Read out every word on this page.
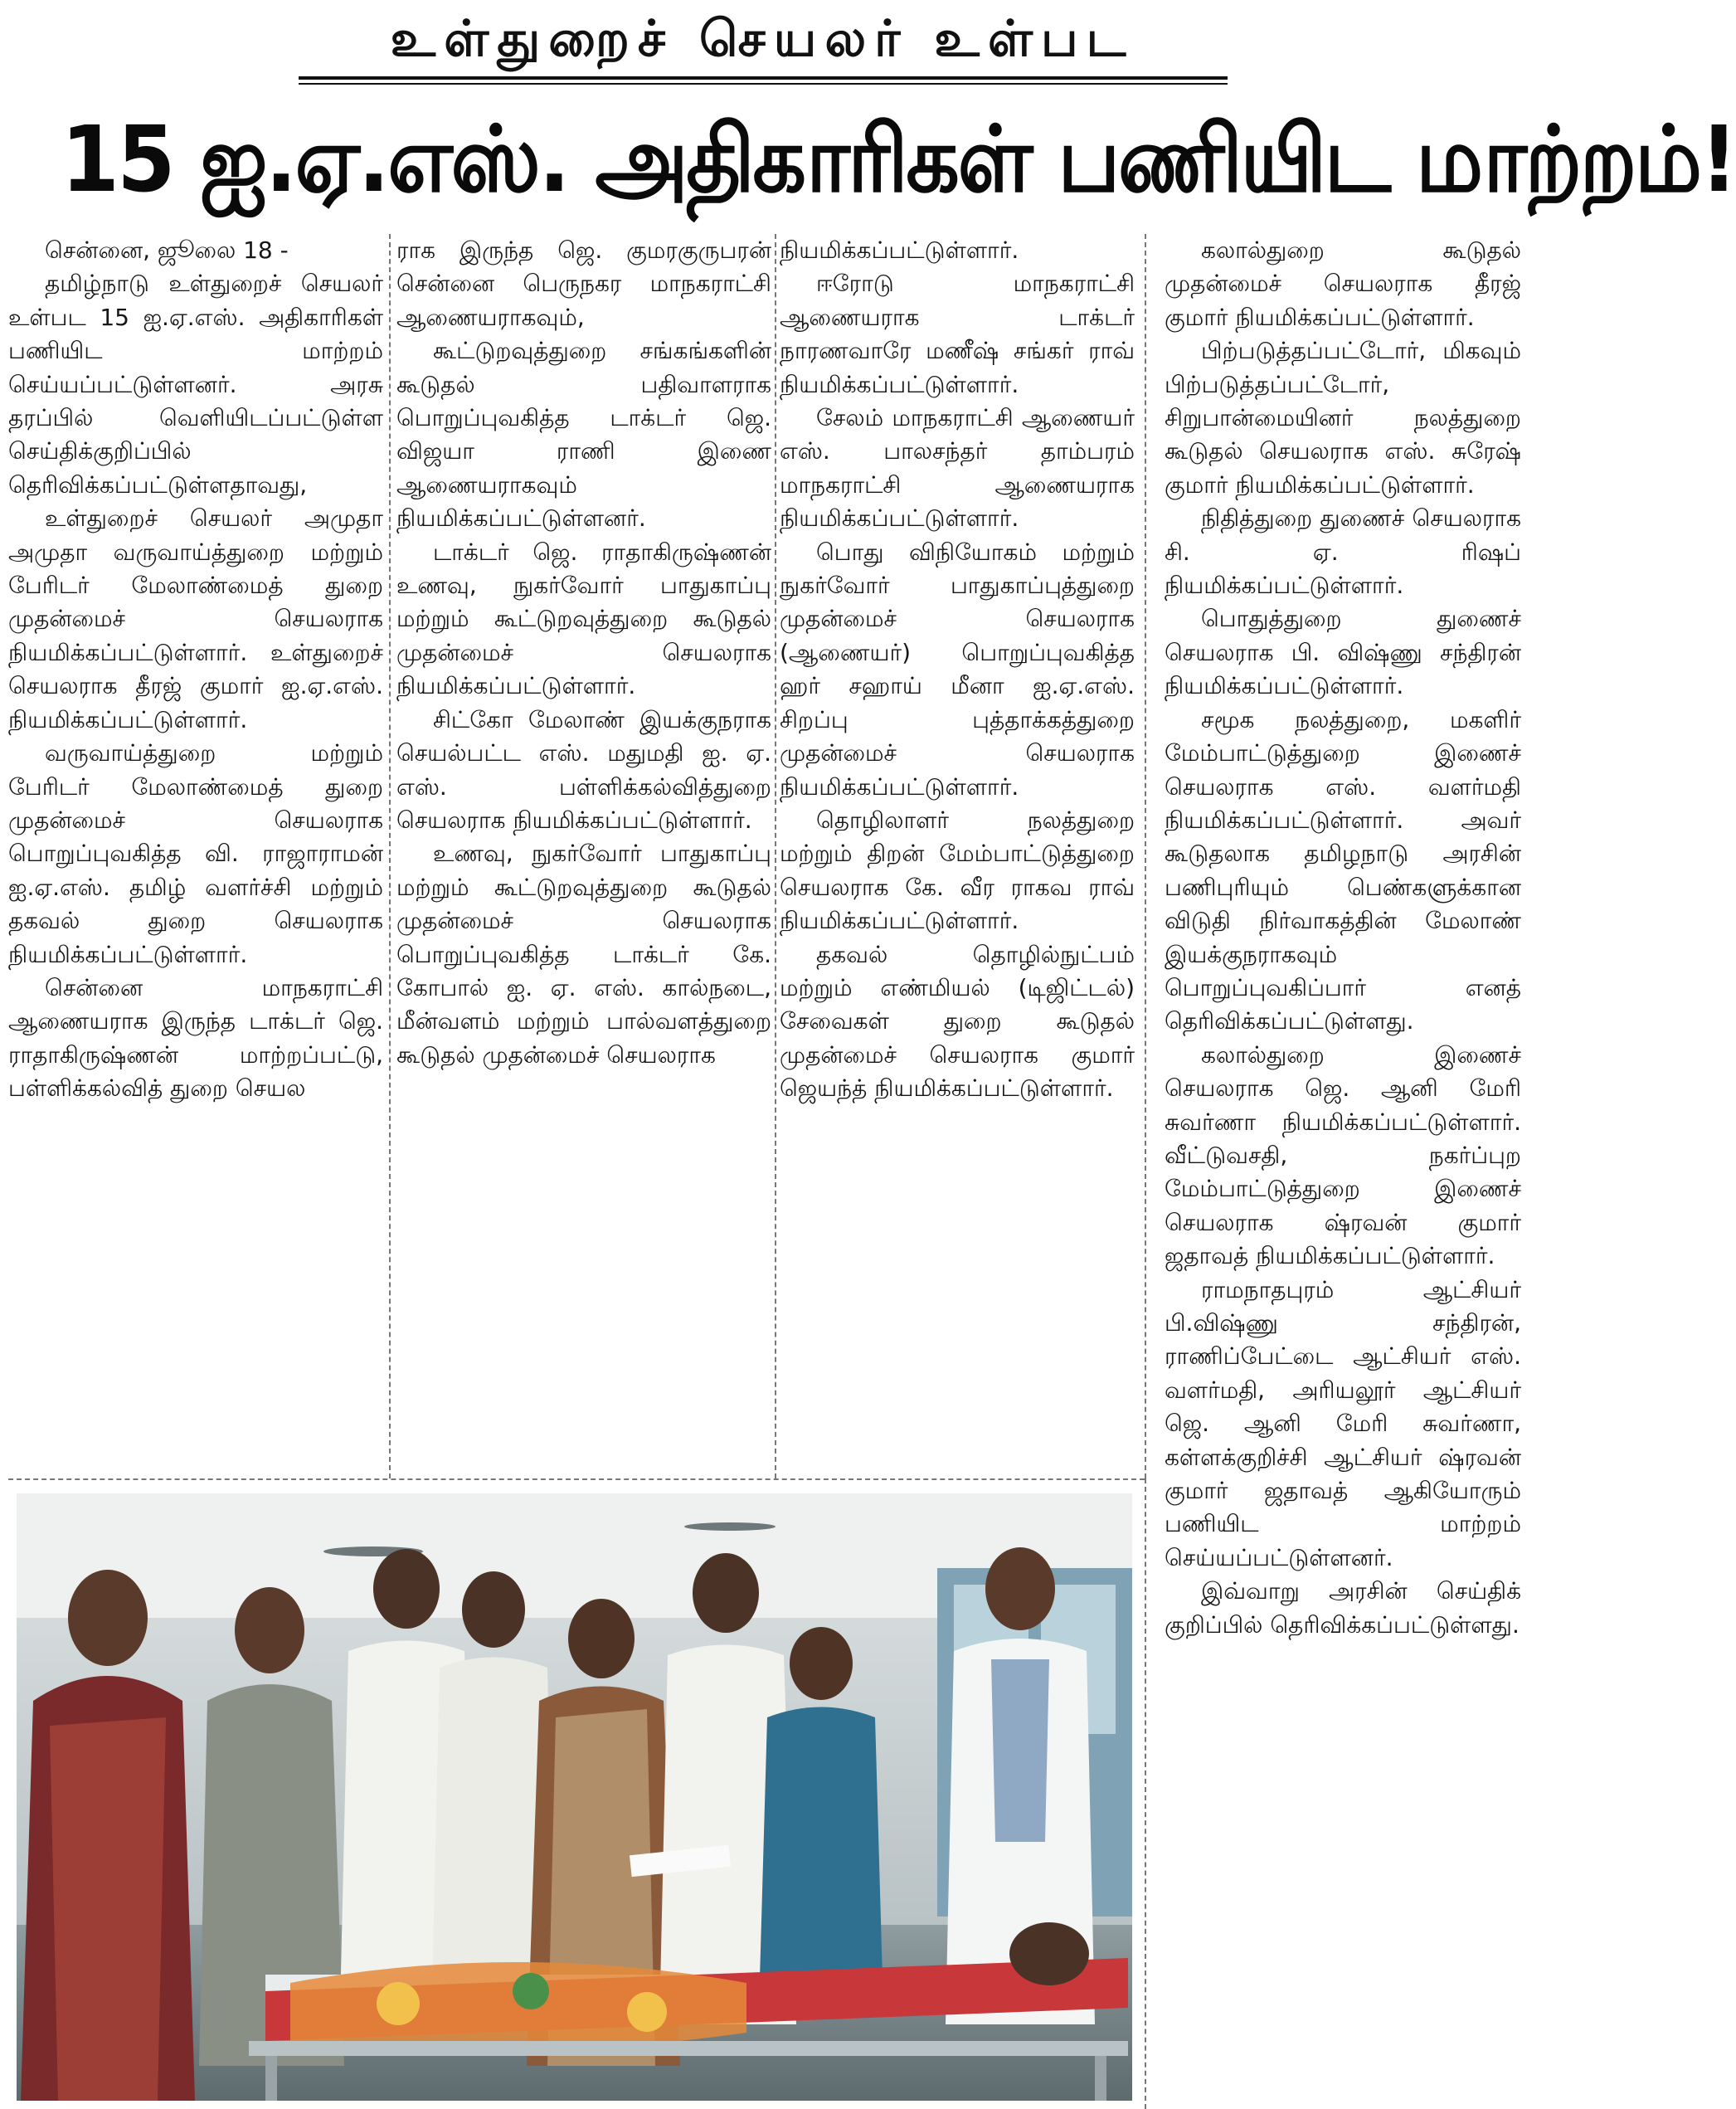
உள்துறைச் செயலர் உள்பட
15 ஐ.ஏ.எஸ். அதிகாரிகள் பணியிட மாற்றம்!

சென்னை, ஜூலை 18 -

தமிழ்நாடு உள்துறைச் செயலர் உள்பட 15 ஐ.ஏ.எஸ். அதிகாரிகள் பணியிட மாற்றம் செய்யப்பட்டுள்ளனர். அரசு தரப்பில் வெளியிடப்பட்டுள்ள செய்திக்குறிப்பில் தெரிவிக்கப்பட்டுள்ளதாவது,

உள்துறைச் செயலர் அமுதா அமுதா வருவாய்த்துறை மற்றும் பேரிடர் மேலாண்மைத் துறை முதன்மைச் செயலராக நியமிக்கப்பட்டுள்ளார். உள்துறைச் செயலராக தீரஜ் குமார் ஐ.ஏ.எஸ். நியமிக்கப்பட்டுள்ளார்.

வருவாய்த்துறை மற்றும் பேரிடர் மேலாண்மைத் துறை முதன்மைச் செயலராக பொறுப்புவகித்த வி. ராஜாராமன் ஐ.ஏ.எஸ். தமிழ் வளர்ச்சி மற்றும் தகவல் துறை செயலராக நியமிக்கப்பட்டுள்ளார்.

சென்னை மாநகராட்சி ஆணையராக இருந்த டாக்டர் ஜெ. ராதாகிருஷ்ணன் மாற்றப்பட்டு, பள்ளிக்கல்வித் துறை செயல

ராக இருந்த ஜெ. குமரகுருபரன் சென்னை பெருநகர மாநகராட்சி ஆணையராகவும்,

கூட்டுறவுத்துறை சங்கங்களின் கூடுதல் பதிவாளராக பொறுப்புவகித்த டாக்டர் ஜெ. விஜயா ராணி இணை ஆணையராகவும் நியமிக்கப்பட்டுள்ளனர்.

டாக்டர் ஜெ. ராதாகிருஷ்ணன் உணவு, நுகர்வோர் பாதுகாப்பு மற்றும் கூட்டுறவுத்துறை கூடுதல் முதன்மைச் செயலராக நியமிக்கப்பட்டுள்ளார்.

சிட்கோ மேலாண் இயக்குநராக செயல்பட்ட எஸ். மதுமதி ஐ. ஏ. எஸ். பள்ளிக்கல்வித்துறை செயலராக நியமிக்கப்பட்டுள்ளார்.

உணவு, நுகர்வோர் பாதுகாப்பு மற்றும் கூட்டுறவுத்துறை கூடுதல் முதன்மைச் செயலராக பொறுப்புவகித்த டாக்டர் கே. கோபால் ஐ. ஏ. எஸ். கால்நடை, மீன்வளம் மற்றும் பால்வளத்துறை கூடுதல் முதன்மைச் செயலராக

நியமிக்கப்பட்டுள்ளார்.

ஈரோடு மாநகராட்சி ஆணையராக டாக்டர் நாரணவாரே மணீஷ் சங்கர் ராவ் நியமிக்கப்பட்டுள்ளார்.

சேலம் மாநகராட்சி ஆணையர் எஸ். பாலசந்தர் தாம்பரம் மாநகராட்சி ஆணையராக நியமிக்கப்பட்டுள்ளார்.

பொது விநியோகம் மற்றும் நுகர்வோர் பாதுகாப்புத்துறை முதன்மைச் செயலராக (ஆணையர்) பொறுப்புவகித்த ஹர் சஹாய் மீனா ஐ.ஏ.எஸ். சிறப்பு புத்தாக்கத்துறை முதன்மைச் செயலராக நியமிக்கப்பட்டுள்ளார்.

தொழிலாளர் நலத்துறை மற்றும் திறன் மேம்பாட்டுத்துறை செயலராக கே. வீர ராகவ ராவ் நியமிக்கப்பட்டுள்ளார்.

தகவல் தொழில்நுட்பம் மற்றும் எண்மியல் (டிஜிட்டல்) சேவைகள் துறை கூடுதல் முதன்மைச் செயலராக குமார் ஜெயந்த் நியமிக்கப்பட்டுள்ளார்.

கலால்துறை கூடுதல் முதன்மைச் செயலராக தீரஜ் குமார் நியமிக்கப்பட்டுள்ளார்.

பிற்படுத்தப்பட்டோர், மிகவும் பிற்படுத்தப்பட்டோர், சிறுபான்மையினர் நலத்துறை கூடுதல் செயலராக எஸ். சுரேஷ் குமார் நியமிக்கப்பட்டுள்ளார்.

நிதித்துறை துணைச் செயலராக சி. ஏ. ரிஷப் நியமிக்கப்பட்டுள்ளார்.

பொதுத்துறை துணைச் செயலராக பி. விஷ்ணு சந்திரன் நியமிக்கப்பட்டுள்ளார்.

சமூக நலத்துறை, மகளிர் மேம்பாட்டுத்துறை இணைச் செயலராக எஸ். வளர்மதி நியமிக்கப்பட்டுள்ளார். அவர் கூடுதலாக தமிழநாடு அரசின் பணிபுரியும் பெண்களுக்கான விடுதி நிர்வாகத்தின் மேலாண் இயக்குநராகவும் பொறுப்புவகிப்பார் எனத் தெரிவிக்கப்பட்டுள்ளது.

கலால்துறை இணைச் செயலராக ஜெ. ஆனி மேரி சுவர்ணா நியமிக்கப்பட்டுள்ளார். வீட்டுவசதி, நகர்ப்புற மேம்பாட்டுத்துறை இணைச் செயலராக ஷ்ரவன் குமார் ஜதாவத் நியமிக்கப்பட்டுள்ளார்.

ராமநாதபுரம் ஆட்சியர் பி.விஷ்ணு சந்திரன், ராணிப்பேட்டை ஆட்சியர் எஸ். வளர்மதி, அரியலூர் ஆட்சியர் ஜெ. ஆனி மேரி சுவர்ணா, கள்ளக்குறிச்சி ஆட்சியர் ஷ்ரவன் குமார் ஜதாவத் ஆகியோரும் பணியிட மாற்றம் செய்யப்பட்டுள்ளனர்.

இவ்வாறு அரசின் செய்திக் குறிப்பில் தெரிவிக்கப்பட்டுள்ளது.
